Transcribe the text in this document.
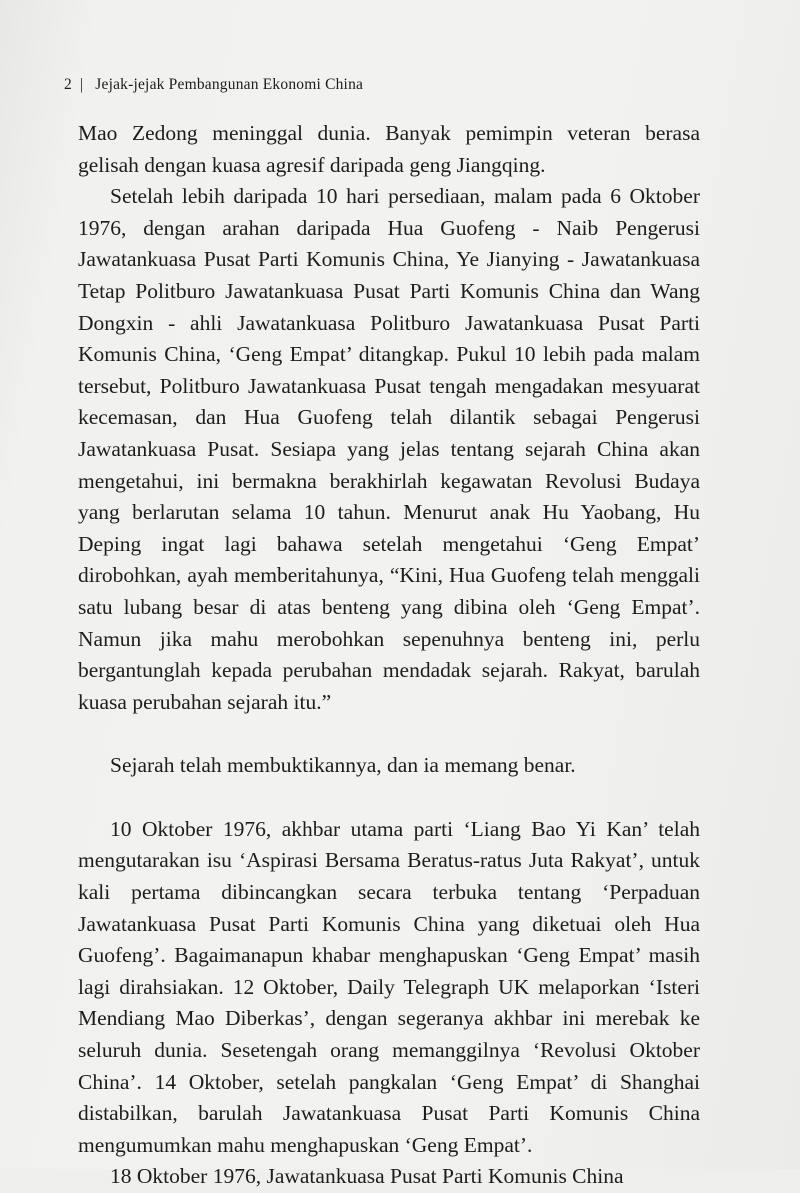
2 | Jejak-jejak Pembangunan Ekonomi China

Mao Zedong meninggal dunia. Banyak pemimpin veteran berasa gelisah dengan kuasa agresif daripada geng Jiangqing.

Setelah lebih daripada 10 hari persediaan, malam pada 6 Oktober 1976, dengan arahan daripada Hua Guofeng - Naib Pengerusi Jawatankuasa Pusat Parti Komunis China, Ye Jianying - Jawatankuasa Tetap Politburo Jawatankuasa Pusat Parti Komunis China dan Wang Dongxin - ahli Jawatankuasa Politburo Jawatankuasa Pusat Parti Komunis China, ‘Geng Empat’ ditangkap. Pukul 10 lebih pada malam tersebut, Politburo Jawatankuasa Pusat tengah mengadakan mesyuarat kecemasan, dan Hua Guofeng telah dilantik sebagai Pengerusi Jawatankuasa Pusat. Sesiapa yang jelas tentang sejarah China akan mengetahui, ini bermakna berakhirlah kegawatan Revolusi Budaya yang berlarutan selama 10 tahun. Menurut anak Hu Yaobang, Hu Deping ingat lagi bahawa setelah mengetahui ‘Geng Empat’ dirobohkan, ayah memberitahunya, “Kini, Hua Guofeng telah menggali satu lubang besar di atas benteng yang dibina oleh ‘Geng Empat’. Namun jika mahu merobohkan sepenuhnya benteng ini, perlu bergantunglah kepada perubahan mendadak sejarah. Rakyat, barulah kuasa perubahan sejarah itu.”

Sejarah telah membuktikannya, dan ia memang benar.

10 Oktober 1976, akhbar utama parti ‘Liang Bao Yi Kan’ telah mengutarakan isu ‘Aspirasi Bersama Beratus-ratus Juta Rakyat’, untuk kali pertama dibincangkan secara terbuka tentang ‘Perpaduan Jawatankuasa Pusat Parti Komunis China yang diketuai oleh Hua Guofeng’. Bagaimanapun khabar menghapuskan ‘Geng Empat’ masih lagi dirahsiakan. 12 Oktober, Daily Telegraph UK melaporkan ‘Isteri Mendiang Mao Diberkas’, dengan segeranya akhbar ini merebak ke seluruh dunia. Sesetengah orang memanggilnya ‘Revolusi Oktober China’. 14 Oktober, setelah pangkalan ‘Geng Empat’ di Shanghai distabilkan, barulah Jawatankuasa Pusat Parti Komunis China mengumumkan mahu menghapuskan ‘Geng Empat’.

18 Oktober 1976, Jawatankuasa Pusat Parti Komunis China
